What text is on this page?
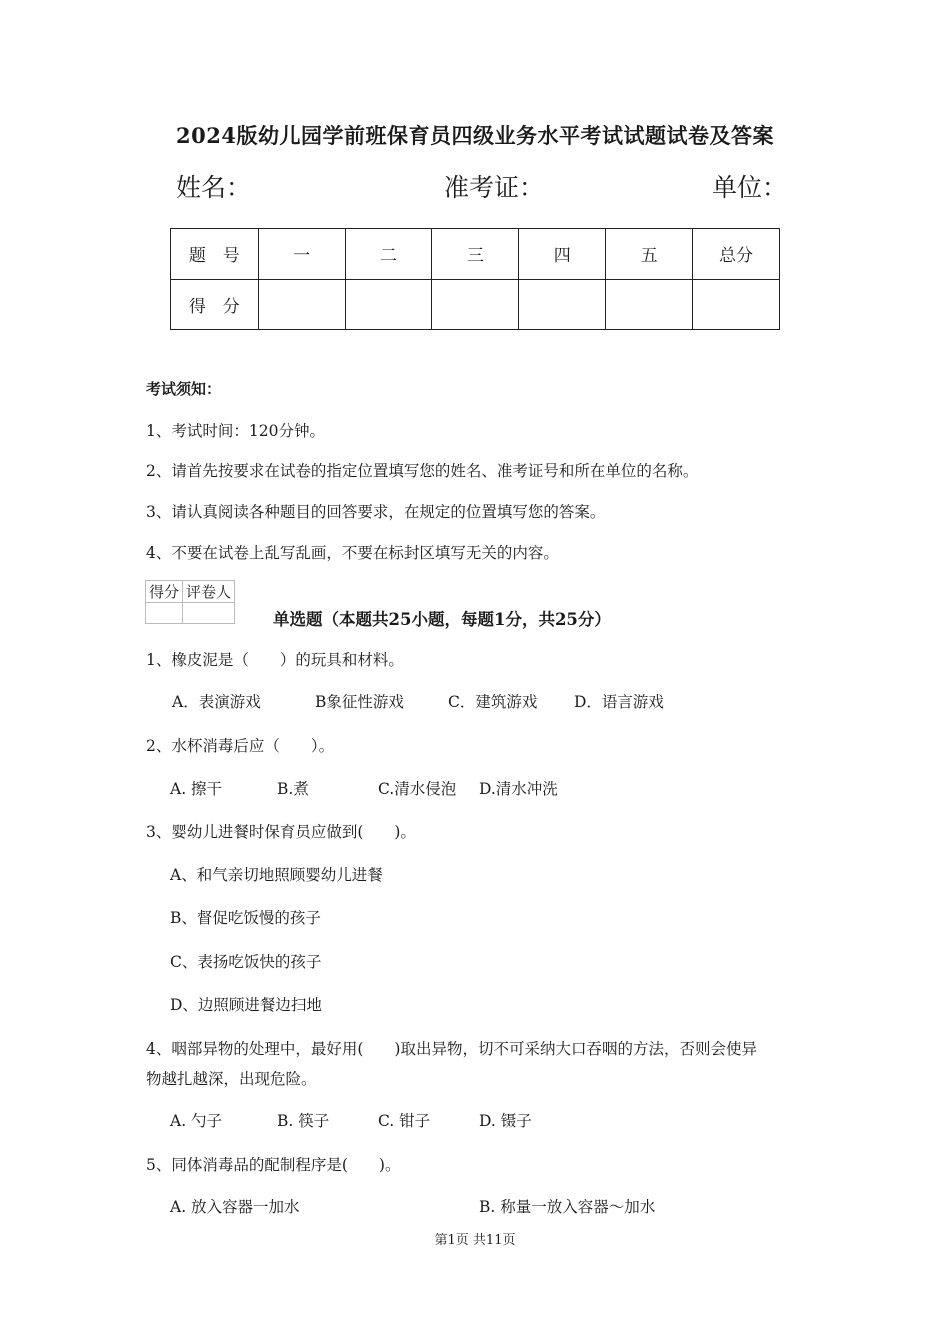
2024版幼儿园学前班保育员四级业务水平考试试题试卷及答案
姓名：	准考证：	单位：
题　号	一	二	三	四	五	总分
得　分						
考试须知：
1、考试时间：120分钟。
2、请首先按要求在试卷的指定位置填写您的姓名、准考证号和所在单位的名称。
3、请认真阅读各种题目的回答要求，在规定的位置填写您的答案。
4、不要在试卷上乱写乱画，不要在标封区填写无关的内容。
得分	评卷人

单选题（本题共25小题，每题1分，共25分）
1、橡皮泥是（　　）的玩具和材料。
A．表演游戏	B象征性游戏	C．建筑游戏 D．语言游戏
2、水杯消毒后应（　　）。
A. 擦干	B.煮	C.清水侵泡 D.清水冲洗
3、婴幼儿进餐时保育员应做到(　　)。
A、和气亲切地照顾婴幼儿进餐
B、督促吃饭慢的孩子
C、表扬吃饭快的孩子
D、边照顾进餐边扫地
4、咽部异物的处理中，最好用(　　)取出异物，切不可采纳大口吞咽的方法，否则会使异
物越扎越深，出现危险。
A. 勺子	B. 筷子	C. 钳子	D. 镊子
5、同体消毒品的配制程序是(　　)。
A. 放入容器一加水	B. 称量一放入容器～加水
第1页 共11页
